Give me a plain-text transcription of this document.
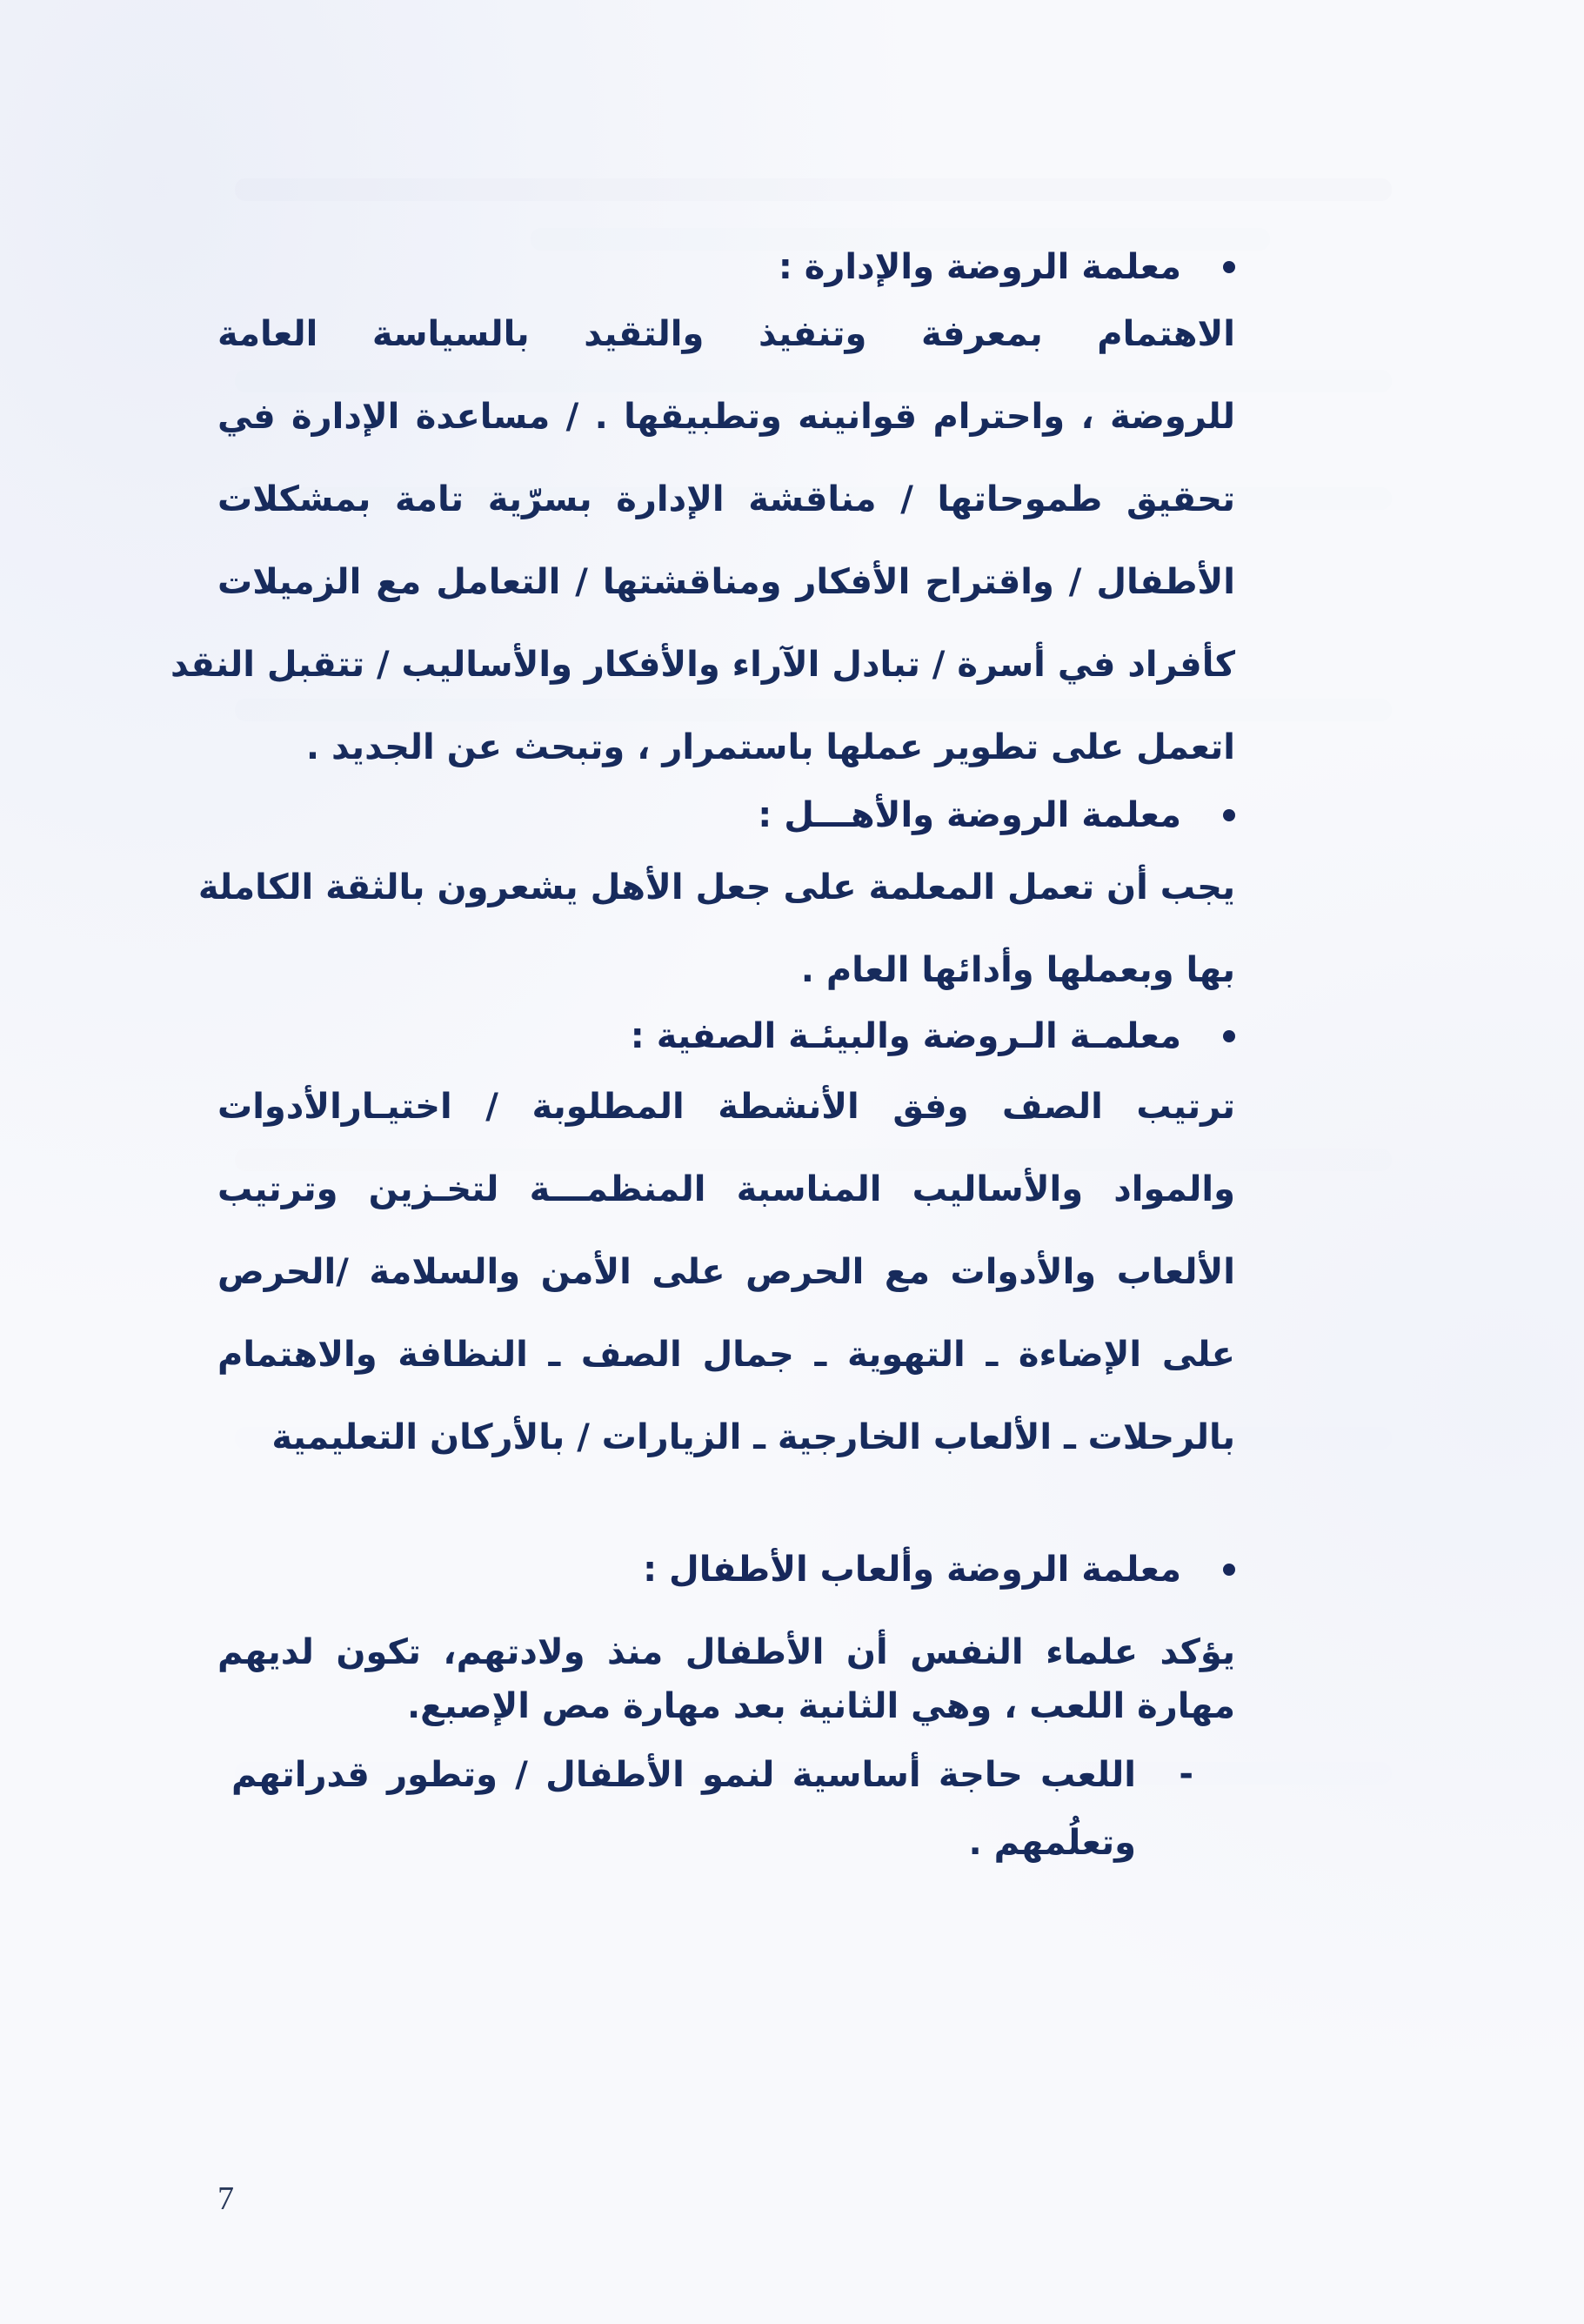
معلمة الروضة والإدارة :

الاهتمام بمعرفة وتنفيذ والتقيد بالسياسة العامة
للروضة ، واحترام قوانينه وتطبيقها . / مساعدة الإدارة في
تحقيق طموحاتها / مناقشة الإدارة بسرّية تامة بمشكلات
الأطفال / واقتراح الأفكار ومناقشتها / التعامل مع الزميلات
كأفراد في أسرة / تبادل الآراء والأفكار والأساليب / تتقبل النقد
اتعمل على تطوير عملها باستمرار ، وتبحث عن الجديد .

معلمة الروضة والأهـــل :

يجب أن تعمل المعلمة على جعل الأهل يشعرون بالثقة الكاملة
بها وبعملها وأدائها العام .

معلمـة الـروضة والبيئـة الصفية :

ترتيب الصف وفق الأنشطة المطلوبة / اختيـارالأدوات
والمواد والأساليب المناسبة المنظمـــة لتخـزين وترتيب
الألعاب والأدوات مع الحرص على الأمن والسلامة /الحرص
على الإضاءة ـ التهوية ـ جمال الصف ـ النظافة والاهتمام
بالرحلات ـ الألعاب الخارجية ـ الزيارات / بالأركان التعليمية

معلمة الروضة وألعاب الأطفال :

يؤكد علماء النفس أن الأطفال منذ ولادتهم، تكون لديهم
مهارة اللعب ، وهي الثانية بعد مهارة مص الإصبع.

-
اللعب حاجة أساسية لنمو الأطفال / وتطور قدراتهم
وتعلُمهم .
7
